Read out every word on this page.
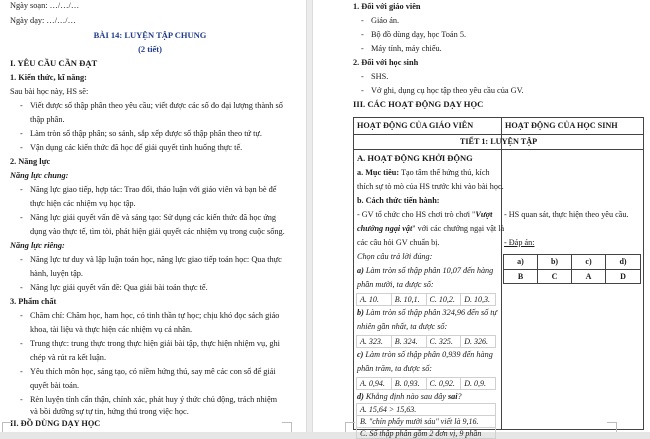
Ngày soạn: …/…/…
Ngày dạy: …/…/…
BÀI 14: LUYỆN TẬP CHUNG
(2 tiết)
I. YÊU CẦU CẦN ĐẠT
1. Kiến thức, kĩ năng:
Sau bài học này, HS sẽ:
- Viết được số thập phân theo yêu cầu; viết được các số đo đại lượng thành số
thập phân.
- Làm tròn số thập phân; so sánh, sắp xếp được số thập phân theo tứ tự.
- Vận dụng các kiến thức đã học để giải quyết tình huống thực tế.
2. Năng lực
Năng lực chung:
- Năng lực giao tiếp, hợp tác: Trao đổi, thảo luận với giáo viên và bạn bè để
thực hiện các nhiệm vụ học tập.
- Năng lực giải quyết vấn đề và sáng tạo: Sử dụng các kiến thức đã học ứng
dụng vào thực tế, tìm tòi, phát hiện giải quyết các nhiệm vụ trong cuộc sống.
Năng lực riêng:
- Năng lực tư duy và lập luận toán học, năng lực giao tiếp toán học: Qua thực
hành, luyện tập.
- Năng lực giải quyết vấn đề: Qua giải bài toán thực tế.
3. Phẩm chất
- Chăm chỉ: Chăm học, ham học, có tinh thần tự học; chịu khó đọc sách giáo
khoa, tài liệu và thực hiện các nhiệm vụ cá nhân.
- Trung thực: trung thực trong thực hiện giải bài tập, thực hiện nhiệm vụ, ghi
chép và rút ra kết luận.
- Yêu thích môn học, sáng tạo, có niềm hứng thú, say mê các con số để giải
quyết bài toán.
- Rèn luyện tính cẩn thận, chính xác, phát huy ý thức chủ động, trách nhiệm
và bồi dưỡng sự tự tin, hứng thú trong việc học.
II. ĐỒ DÙNG DẠY HỌC
1. Đối với giáo viên
- Giáo án.
- Bộ đồ dùng dạy, học Toán 5.
- Máy tính, máy chiếu.
2. Đối với học sinh
- SHS.
- Vở ghi, dụng cụ học tập theo yêu cầu của GV.
III. CÁC HOẠT ĐỘNG DẠY HỌC
HOẠT ĐỘNG CỦA GIÁO VIÊN	HOẠT ĐỘNG CỦA HỌC SINH
TIẾT 1: LUYỆN TẬP
A. HOẠT ĐỘNG KHỞI ĐỘNG
a. Mục tiêu: Tạo tâm thế hứng thú, kích
thích sự tò mò của HS trước khi vào bài học.
b. Cách thức tiến hành:
- GV tổ chức cho HS chơi trò chơi "Vượt
chướng ngại vật" với các chướng ngại vật là
các câu hỏi GV chuẩn bị.
Chọn câu trả lời đúng:
a) Làm tròn số thập phân 10,07 đến hàng
phần mười, ta được số:
A. 10.	B. 10,1.	C. 10,2.	D. 10,3.
b) Làm tròn số thập phân 324,96 đến số tự
nhiên gần nhất, ta được số:
A. 323.	B. 324.	C. 325.	D. 326.
c) Làm tròn số thập phân 0,939 đến hàng
phần trăm, ta được số:
A. 0,94.	B. 0,93.	C. 0,92.	D. 0,9.
d) Khẳng định nào sau đây sai?
A. 15,64 > 15,63.
B. "chín phẩy mười sáu" viết là 9,16.
C. Số thập phân gồm 2 đơn vị, 9 phần
- HS quan sát, thực hiện theo yêu cầu.
- Đáp án:
a)	b)	c)	d)
B	C	A	D
